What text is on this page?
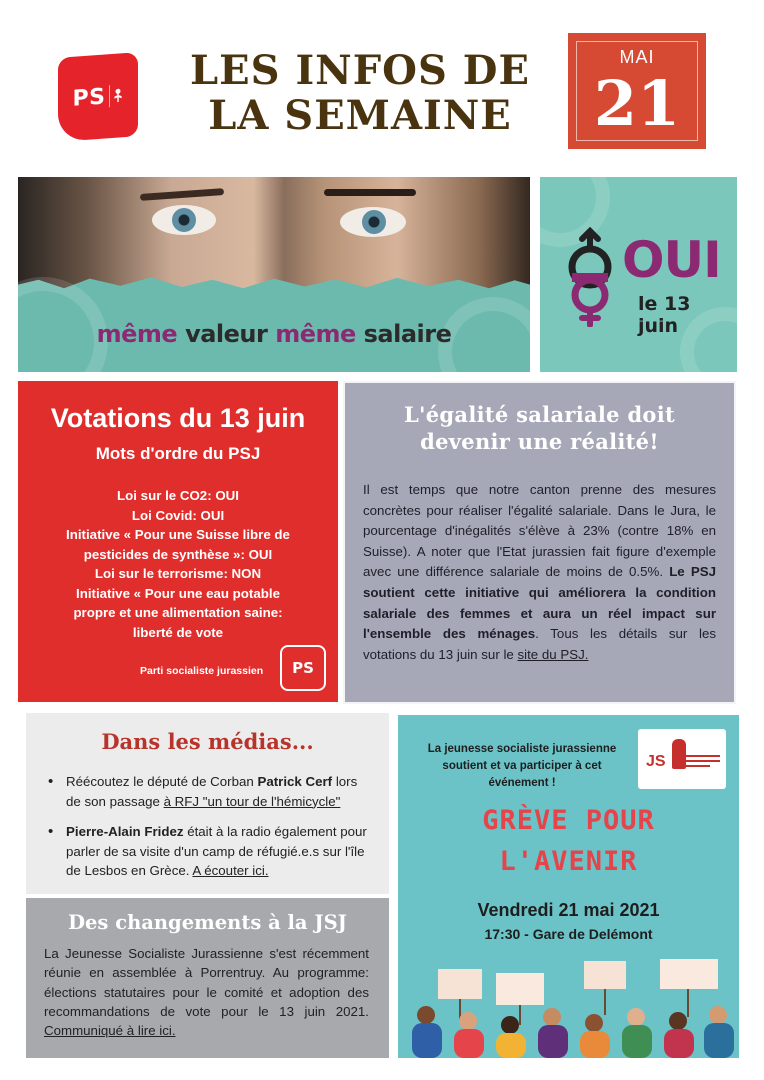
PS
LES INFOS DE
LA SEMAINE
MAI
21
même valeur même salaire
OUI
le 13 juin
Votations du 13 juin
Mots d'ordre du PSJ
Loi sur le CO2: OUI
Loi Covid: OUI
Initiative « Pour une Suisse libre de
pesticides de synthèse »: OUI
Loi sur le terrorisme: NON
Initiative « Pour une eau potable
propre et une alimentation saine:
liberté de vote
Parti socialiste jurassien PS
L'égalité salariale doit
devenir une réalité!

Il est temps que notre canton prenne des mesures concrètes pour réaliser l'égalité salariale. Dans le Jura, le pourcentage d'inégalités s'élève à 23% (contre 18% en Suisse). A noter que l'Etat jurassien fait figure d'exemple avec une différence salariale de moins de 0.5%. Le PSJ soutient cette initiative qui améliorera la condition salariale des femmes et aura un réel impact sur l'ensemble des ménages. Tous les détails sur les votations du 13 juin sur le site du PSJ.

Dans les médias...
• Réécoutez le député de Corban Patrick Cerf lors de son passage à RFJ "un tour de l'hémicycle"
• Pierre-Alain Fridez était à la radio également pour parler de sa visite d'un camp de réfugié.e.s sur l'île de Lesbos en Grèce. A écouter ici.
Des changements à la JSJ

La Jeunesse Socialiste Jurassienne s'est récemment réunie en assemblée à Porrentruy. Au programme: élections statutaires pour le comité et adoption des recommandations de vote pour le 13 juin 2021. Communiqué à lire ici.

La jeunesse socialiste jurassienne soutient et va participer à cet événement !
JS
GRÈVE POUR
L'AVENIR
Vendredi 21 mai 2021
17:30 - Gare de Delémont
